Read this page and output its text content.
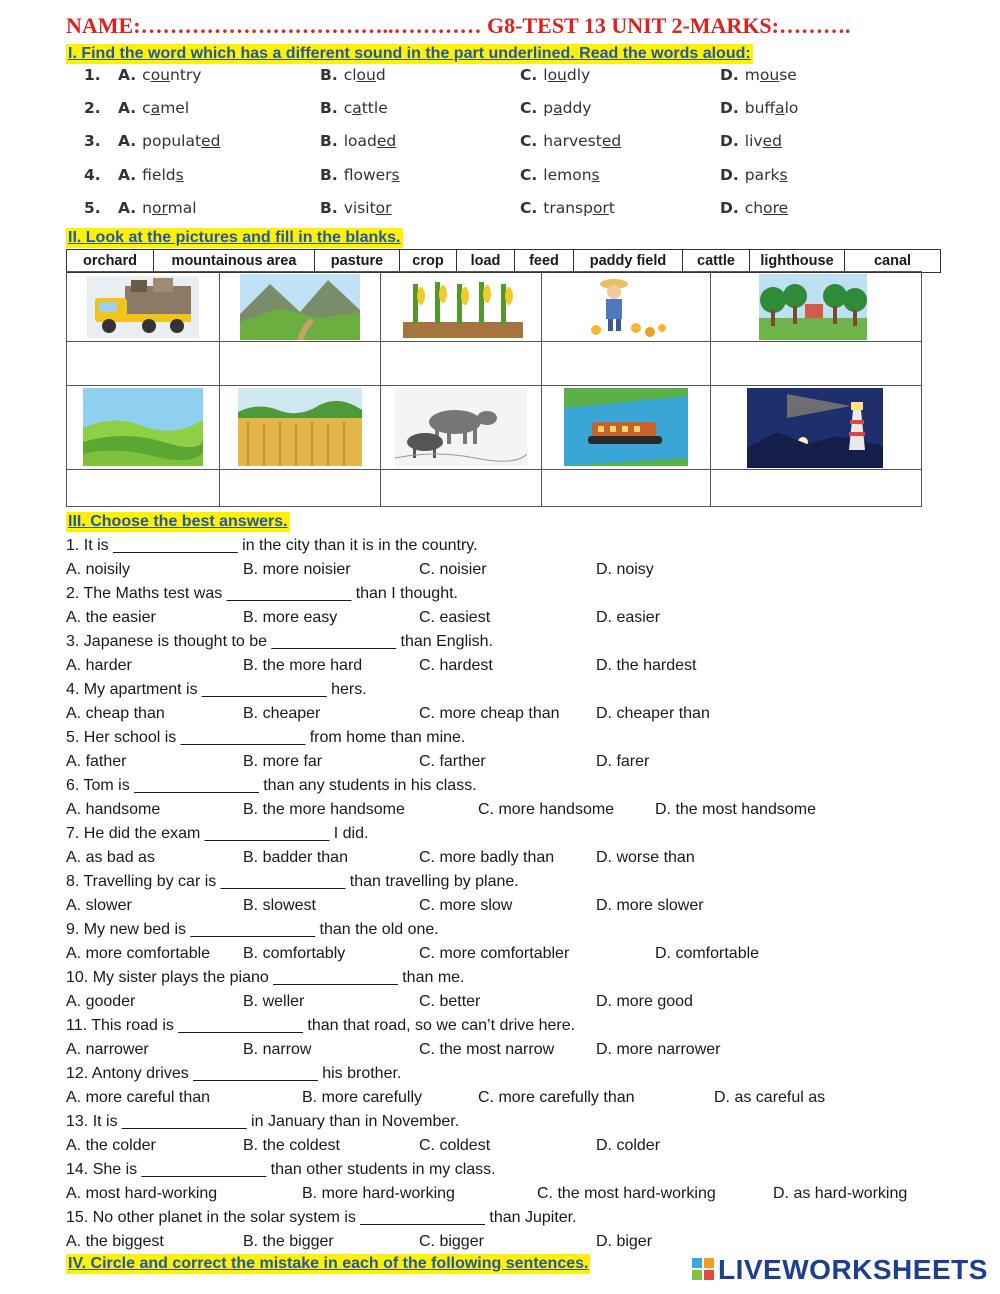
NAME:……………………………..………… G8-TEST 13 UNIT 2-MARKS:……….
I. Find the word which has a different sound in the part underlined. Read the words aloud:
1. A. country	B. cloud	C. loudly	D. mouse
2. A. camel	B. cattle	C. paddy	D. buffalo
3. A. populated	B. loaded	C. harvested	D. lived
4. A. fields	B. flowers	C. lemons	D. parks
5. A. normal	B. visitor	C. transport	D. chore
II. Look at the pictures and fill in the blanks.
orchard	mountainous area	pasture	crop	load	feed	paddy field	cattle	lighthouse	canal

III. Choose the best answers.
1. It is ______________ in the city than it is in the country.
A. noisily	B. more noisier	C. noisier	D. noisy
2. The Maths test was ______________ than I thought.
A. the easier	B. more easy	C. easiest	D. easier
3. Japanese is thought to be ______________ than English.
A. harder	B. the more hard	C. hardest	D. the hardest
4. My apartment is ______________ hers.
A. cheap than	B. cheaper	C. more cheap than D. cheaper than
5. Her school is ______________ from home than mine.
A. father	B. more far	C. farther	D. farer
6. Tom is ______________ than any students in his class.
A. handsome	B. the more handsome	C. more handsome	D. the most handsome
7. He did the exam ______________ I did.
A. as bad as	B. badder than	C. more badly than	D. worse than
8. Travelling by car is ______________ than travelling by plane.
A. slower	B. slowest	C. more slow	D. more slower
9. My new bed is ______________ than the old one.
A. more comfortable B. comfortably	C. more comfortabler	D. comfortable
10. My sister plays the piano ______________ than me.
A. gooder	B. weller	C. better	D. more good
11. This road is ______________ than that road, so we can’t drive here.
A. narrower	B. narrow	C. the most narrow	D. more narrower
12. Antony drives ______________ his brother.
A. more careful than	B. more carefully	C. more carefully than	D. as careful as
13. It is ______________ in January than in November.
A. the colder	B. the coldest	C. coldest	D. colder
14. She is ______________ than other students in my class.
A. most hard-working	B. more hard-working	C. the most hard-working	D. as hard-working
15. No other planet in the solar system is ______________ than Jupiter.
A. the biggest	B. the bigger	C. bigger	D. biger
IV. Circle and correct the mistake in each of the following sentences.	LIVEWORKSHEETS
